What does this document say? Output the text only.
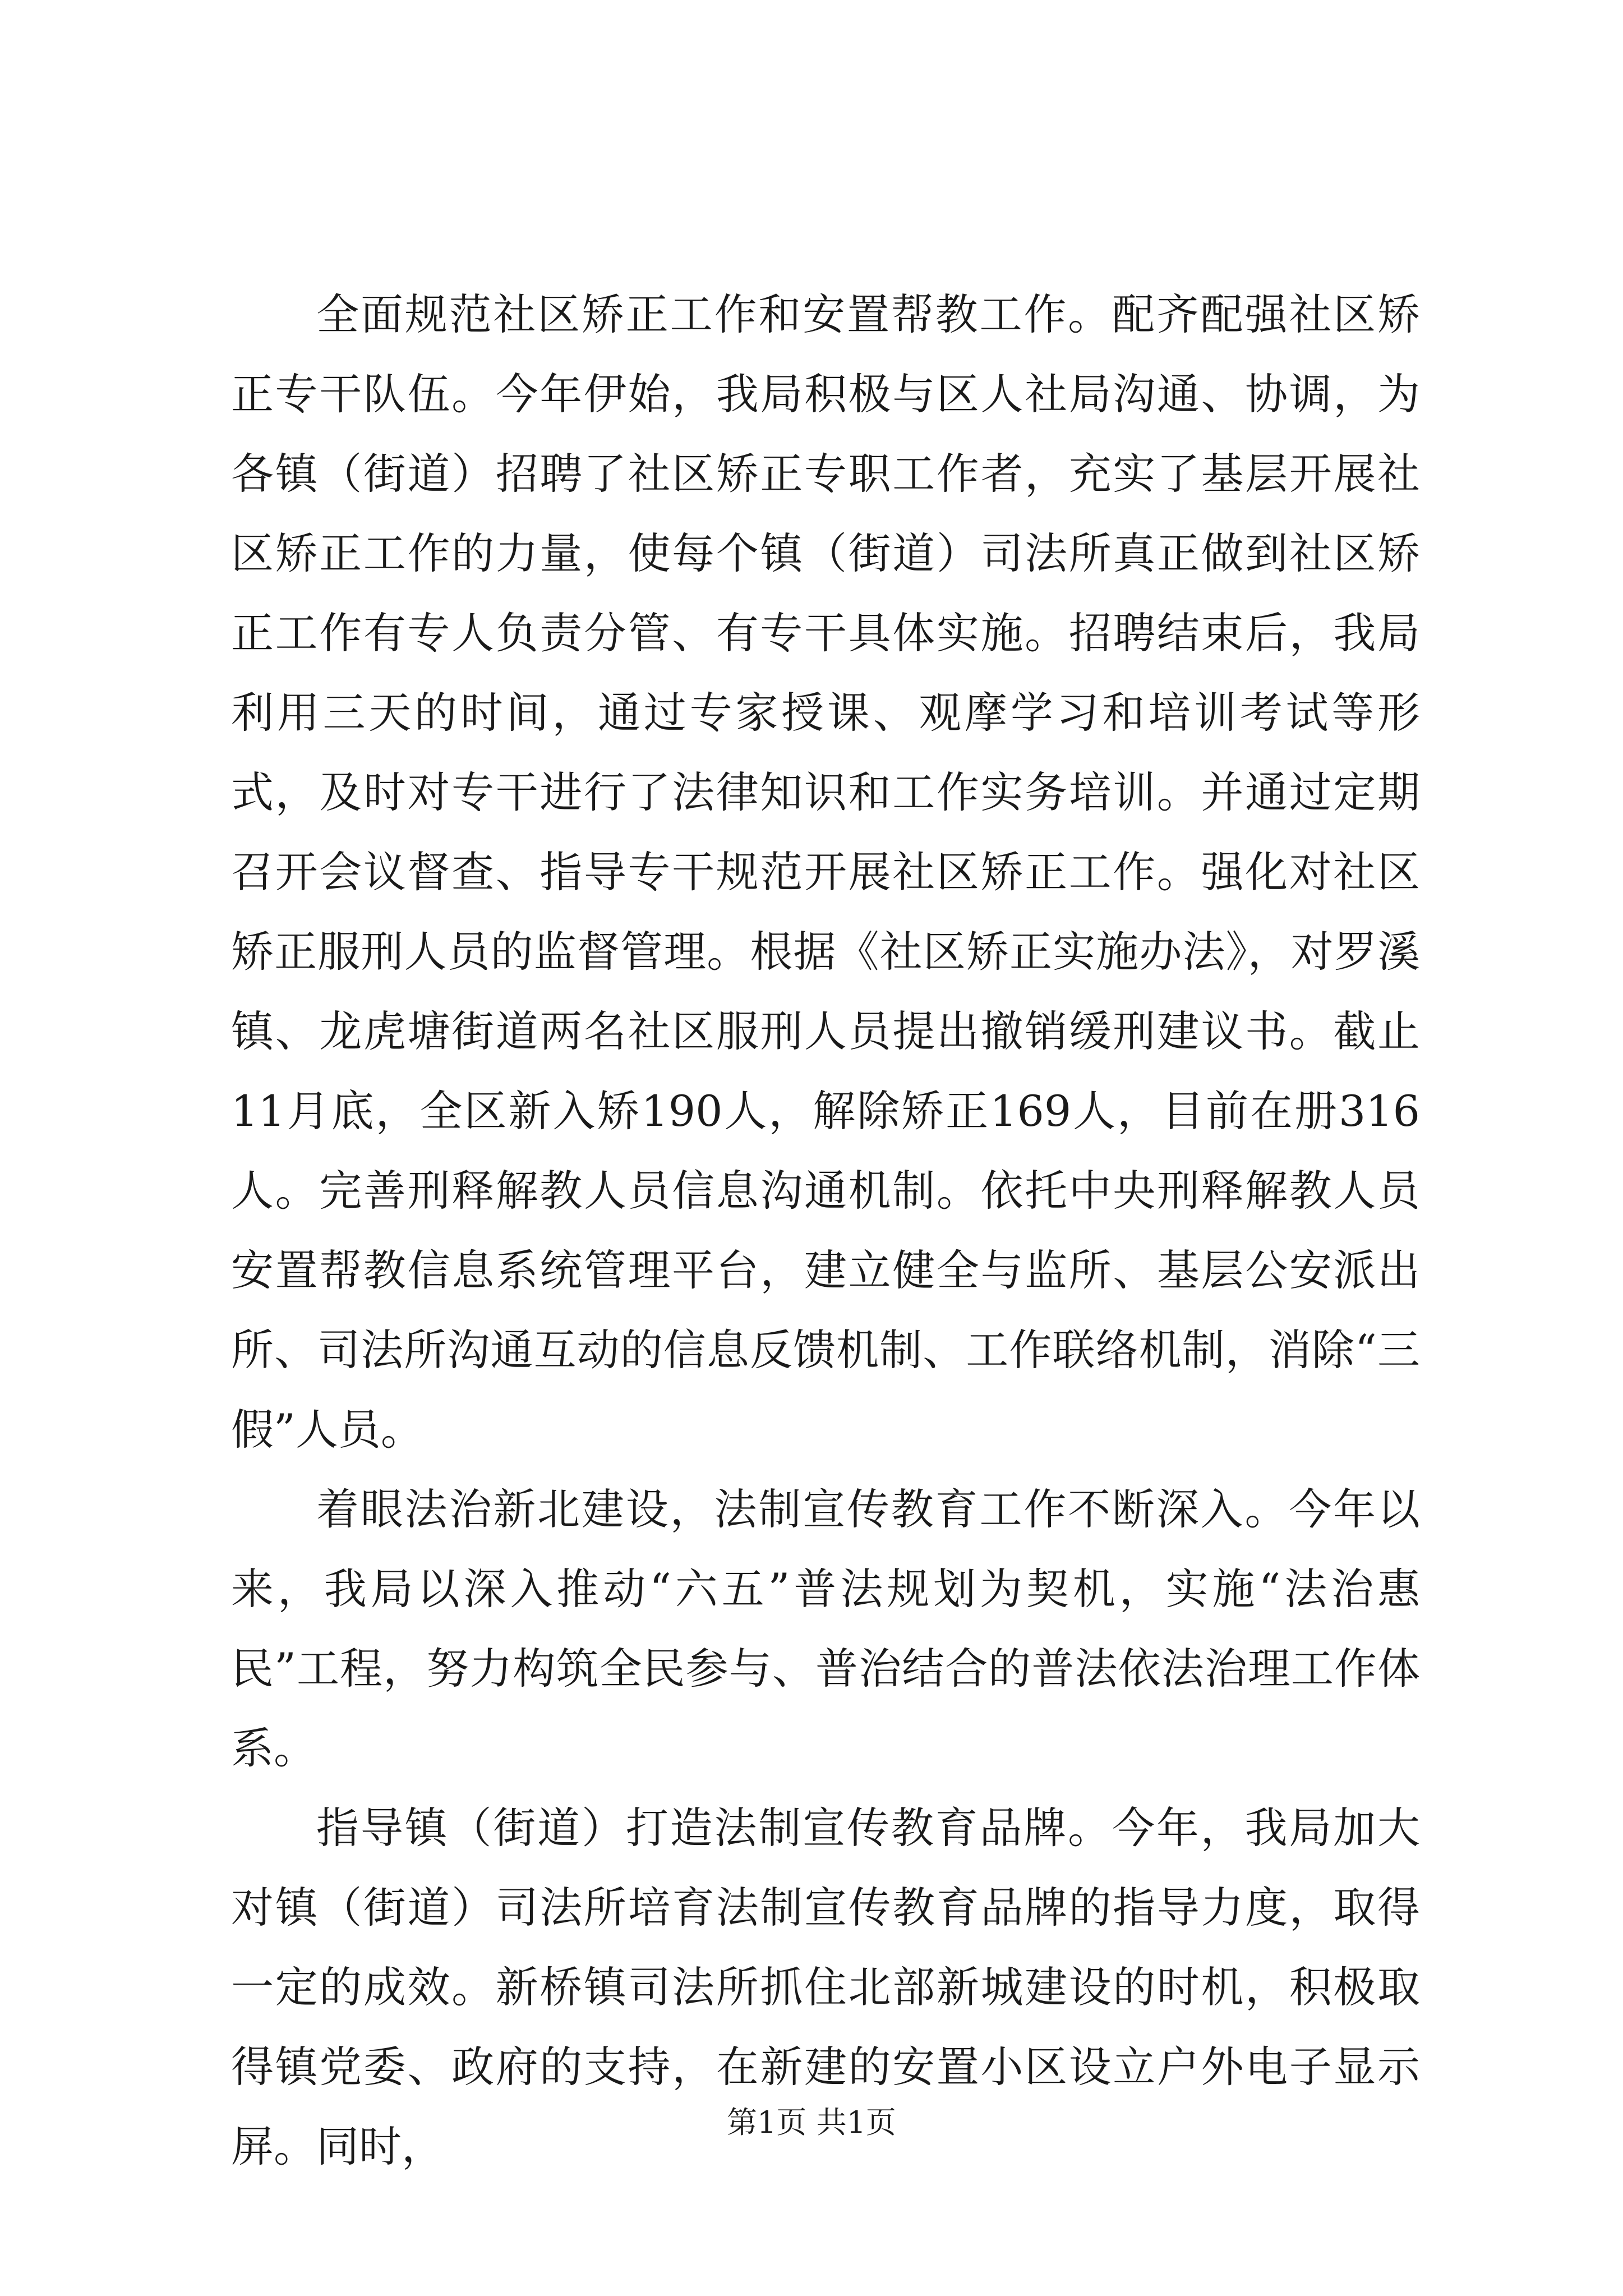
全面规范社区矫正工作和安置帮教工作。配齐配强社区矫正专干队伍。今年伊始，我局积极与区人社局沟通、协调，为各镇（街道）招聘了社区矫正专职工作者，充实了基层开展社区矫正工作的力量，使每个镇（街道）司法所真正做到社区矫正工作有专人负责分管、有专干具体实施。招聘结束后，我局利用三天的时间，通过专家授课、观摩学习和培训考试等形式，及时对专干进行了法律知识和工作实务培训。并通过定期召开会议督查、指导专干规范开展社区矫正工作。强化对社区矫正服刑人员的监督管理。根据《社区矫正实施办法》，对罗溪镇、龙虎塘街道两名社区服刑人员提出撤销缓刑建议书。截止11月底，全区新入矫190人，解除矫正169人，目前在册316人。完善刑释解教人员信息沟通机制。依托中央刑释解教人员安置帮教信息系统管理平台，建立健全与监所、基层公安派出所、司法所沟通互动的信息反馈机制、工作联络机制，消除“三假”人员。

着眼法治新北建设，法制宣传教育工作不断深入。今年以来，我局以深入推动“六五”普法规划为契机，实施“法治惠民”工程，努力构筑全民参与、普治结合的普法依法治理工作体系。

指导镇（街道）打造法制宣传教育品牌。今年，我局加大对镇（街道）司法所培育法制宣传教育品牌的指导力度，取得一定的成效。新桥镇司法所抓住北部新城建设的时机，积极取得镇党委、政府的支持，在新建的安置小区设立户外电子显示屏。同时，	第1页 共1页
